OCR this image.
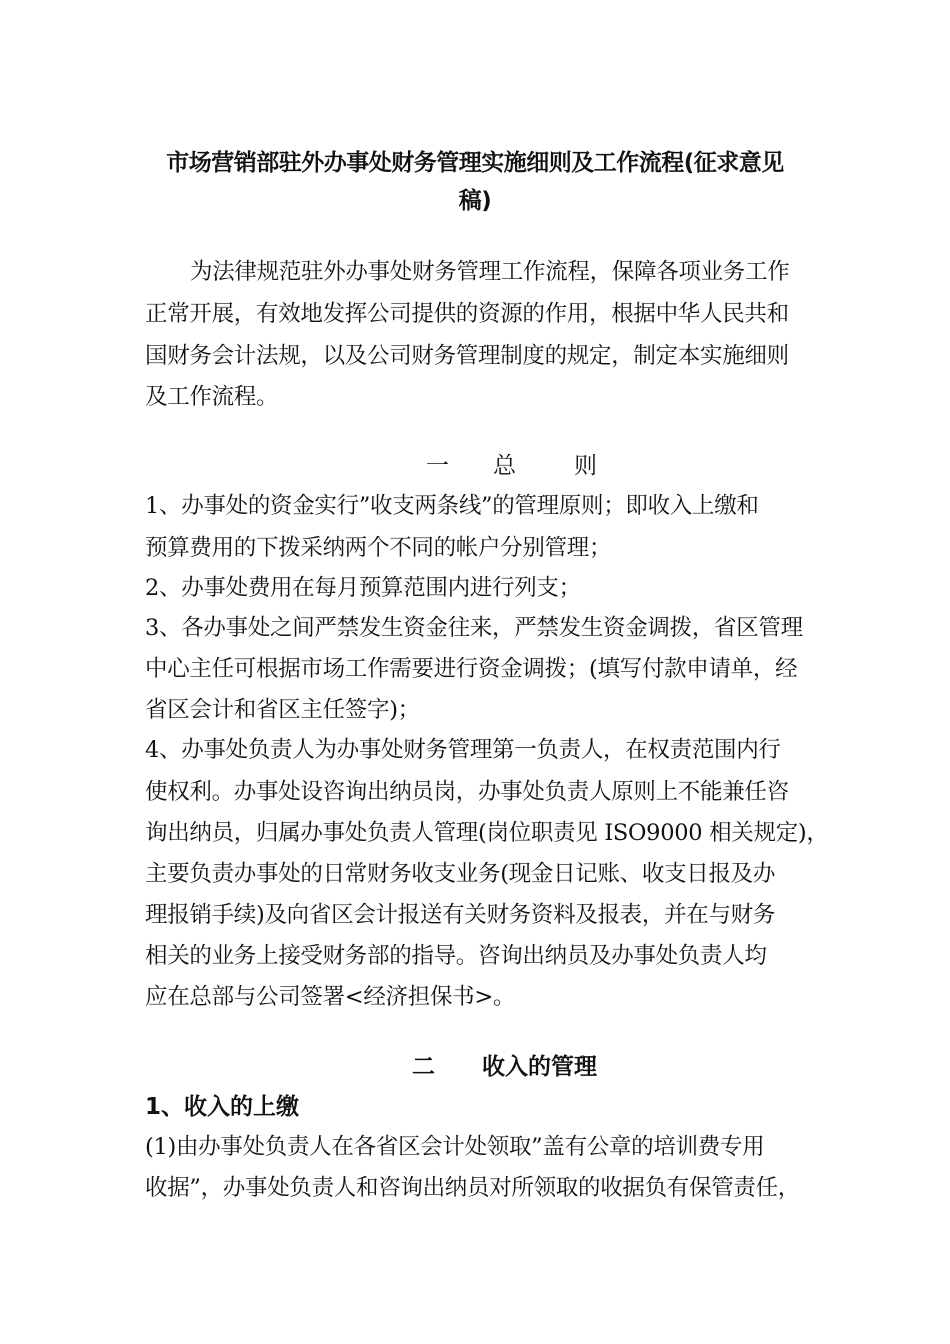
市场营销部驻外办事处财务管理实施细则及工作流程(征求意见
稿)
为法律规范驻外办事处财务管理工作流程，保障各项业务工作
正常开展，有效地发挥公司提供的资源的作用，根据中华人民共和
国财务会计法规，以及公司财务管理制度的规定，制定本实施细则
及工作流程。
一 总	则
1、办事处的资金实行”收支两条线”的管理原则；即收入上缴和
预算费用的下拨采纳两个不同的帐户分别管理；
2、办事处费用在每月预算范围内进行列支；
3、各办事处之间严禁发生资金往来，严禁发生资金调拨，省区管理
中心主任可根据市场工作需要进行资金调拨；(填写付款申请单，经
省区会计和省区主任签字)；
4、办事处负责人为办事处财务管理第一负责人，在权责范围内行
使权利。办事处设咨询出纳员岗，办事处负责人原则上不能兼任咨
询出纳员，归属办事处负责人管理(岗位职责见 ISO9000 相关规定)，
主要负责办事处的日常财务收支业务(现金日记账、收支日报及办
理报销手续)及向省区会计报送有关财务资料及报表，并在与财务
相关的业务上接受财务部的指导。咨询出纳员及办事处负责人均
应在总部与公司签署<经济担保书>。
二 收入的管理
1、收入的上缴
(1)由办事处负责人在各省区会计处领取”盖有公章的培训费专用
收据”，办事处负责人和咨询出纳员对所领取的收据负有保管责任，
